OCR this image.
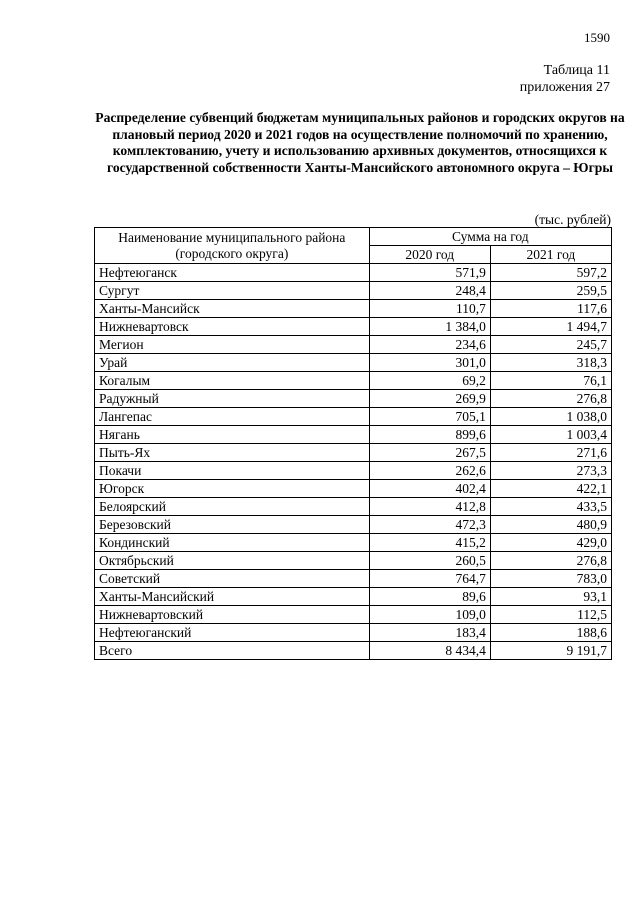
1590
Таблица 11
приложения 27
Распределение субвенций бюджетам муниципальных районов и городских округов на плановый период 2020 и 2021 годов на осуществление полномочий по хранению, комплектованию, учету и использованию архивных документов, относящихся к государственной собственности Ханты-Мансийского автономного округа – Югры
(тыс. рублей)
Наименование муниципального района
(городского округа)	Сумма на год	
	2020 год	2021 год
Нефтеюганск	571,9	597,2
Сургут	248,4	259,5
Ханты-Мансийск	110,7	117,6
Нижневартовск	1 384,0	1 494,7
Мегион	234,6	245,7
Урай	301,0	318,3
Когалым	69,2	76,1
Радужный	269,9	276,8
Лангепас	705,1	1 038,0
Нягань	899,6	1 003,4
Пыть-Ях	267,5	271,6
Покачи	262,6	273,3
Югорск	402,4	422,1
Белоярский	412,8	433,5
Березовский	472,3	480,9
Кондинский	415,2	429,0
Октябрьский	260,5	276,8
Советский	764,7	783,0
Ханты-Мансийский	89,6	93,1
Нижневартовский	109,0	112,5
Нефтеюганский	183,4	188,6
Всего	8 434,4	9 191,7
